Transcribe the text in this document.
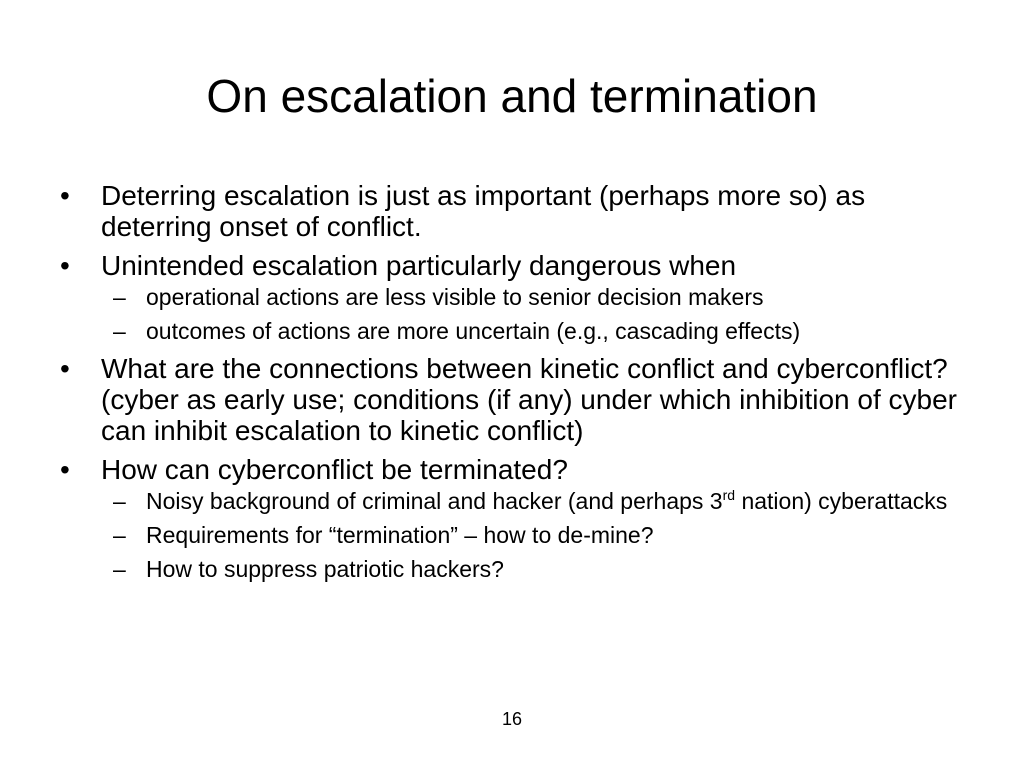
On escalation and termination
•	Deterring escalation is just as important (perhaps more so) as deterring onset of conflict.
•	Unintended escalation particularly dangerous when
– operational actions are less visible to senior decision makers
– outcomes of actions are more uncertain (e.g., cascading effects)
•	What are the connections between kinetic conflict and cyberconflict? (cyber as early use; conditions (if any) under which inhibition of cyber can inhibit escalation to kinetic conflict)
•	How can cyberconflict be terminated?
– Noisy background of criminal and hacker (and perhaps 3rd nation) cyberattacks
– Requirements for “termination” – how to de-mine?
– How to suppress patriotic hackers?
16
